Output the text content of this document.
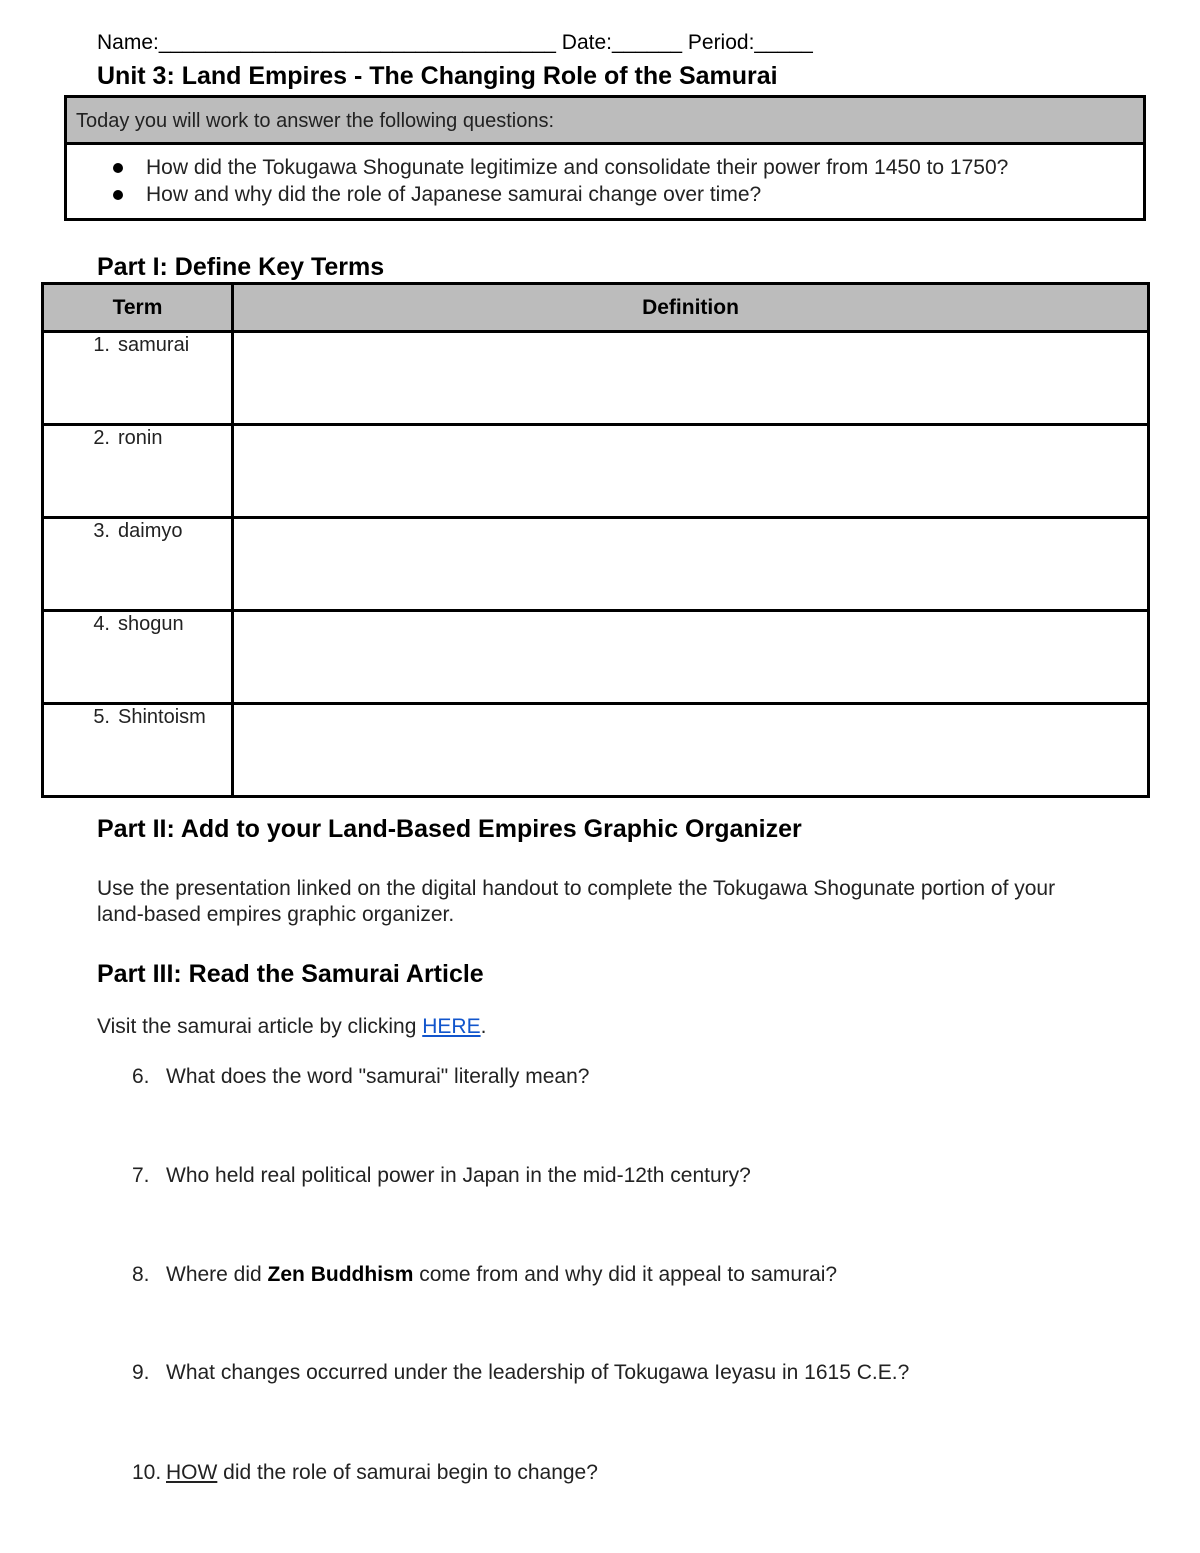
Name:__________________________________ Date:______ Period:_____
Unit 3: Land Empires - The Changing Role of the Samurai
Today you will work to answer the following questions:
How did the Tokugawa Shogunate legitimize and consolidate their power from 1450 to 1750?
How and why did the role of Japanese samurai change over time?
Part I: Define Key Terms
Term	Definition
1. samurai	
2. ronin	
3. daimyo	
4. shogun	
5. Shintoism	
Part II: Add to your Land-Based Empires Graphic Organizer
Use the presentation linked on the digital handout to complete the Tokugawa Shogunate portion of your land-based empires graphic organizer.
Part III: Read the Samurai Article
Visit the samurai article by clicking HERE.
6. What does the word "samurai" literally mean?
7. Who held real political power in Japan in the mid-12th century?
8. Where did Zen Buddhism come from and why did it appeal to samurai?
9. What changes occurred under the leadership of Tokugawa Ieyasu in 1615 C.E.?
10. HOW did the role of samurai begin to change?
